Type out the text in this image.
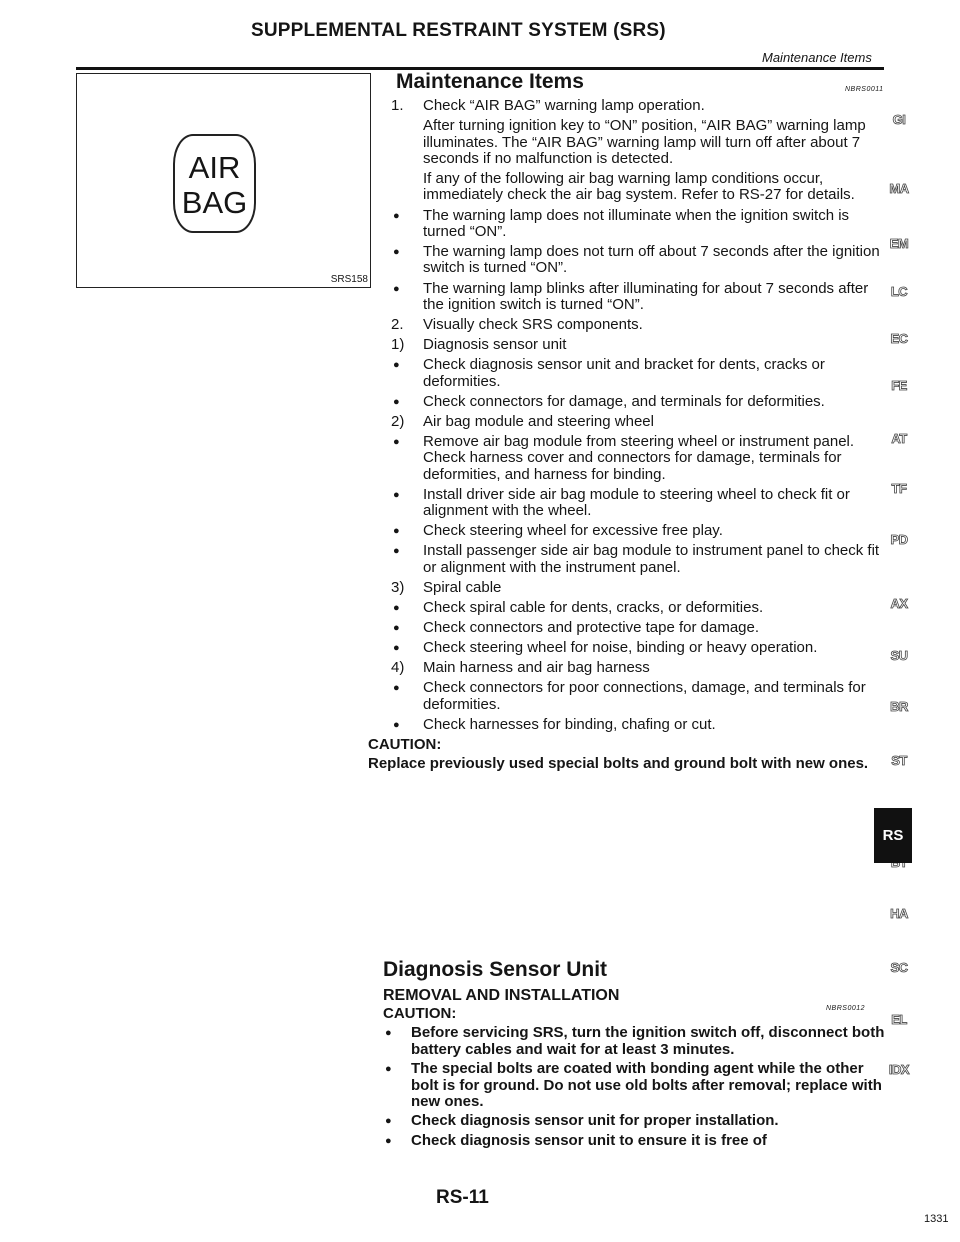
SUPPLEMENTAL RESTRAINT SYSTEM (SRS)
Maintenance Items
AIR
BAG
SRS158
Maintenance Items	NBRS0011
1. Check “AIR BAG” warning lamp operation.
After turning ignition key to “ON” position, “AIR BAG” warning lamp illuminates. The “AIR BAG” warning lamp will turn off after about 7 seconds if no malfunction is detected.
If any of the following air bag warning lamp conditions occur, immediately check the air bag system. Refer to RS-27 for details.
● The warning lamp does not illuminate when the ignition switch is turned “ON”.
● The warning lamp does not turn off about 7 seconds after the ignition switch is turned “ON”.
● The warning lamp blinks after illuminating for about 7 seconds after the ignition switch is turned “ON”.
2. Visually check SRS components.
1) Diagnosis sensor unit
● Check diagnosis sensor unit and bracket for dents, cracks or deformities.
● Check connectors for damage, and terminals for deformities.
2) Air bag module and steering wheel
● Remove air bag module from steering wheel or instrument panel. Check harness cover and connectors for damage, terminals for deformities, and harness for binding.
● Install driver side air bag module to steering wheel to check fit or alignment with the wheel.
● Check steering wheel for excessive free play.
● Install passenger side air bag module to instrument panel to check fit or alignment with the instrument panel.
3) Spiral cable
● Check spiral cable for dents, cracks, or deformities.
● Check connectors and protective tape for damage.
● Check steering wheel for noise, binding or heavy operation.
4) Main harness and air bag harness
● Check connectors for poor connections, damage, and terminals for deformities.
● Check harnesses for binding, chafing or cut.
CAUTION:
Replace previously used special bolts and ground bolt with new ones.
Diagnosis Sensor Unit
REMOVAL AND INSTALLATION
NBRS0012
CAUTION:
● Before servicing SRS, turn the ignition switch off, disconnect both battery cables and wait for at least 3 minutes.
● The special bolts are coated with bonding agent while the other bolt is for ground. Do not use old bolts after removal; replace with new ones.
● Check diagnosis sensor unit for proper installation.
● Check diagnosis sensor unit to ensure it is free of
GI
MA
EM
LC
EC
FE
AT
TF
PD
AX
SU
BR
ST
HA
SC
EL
IDX
RS
RS-11
1331
